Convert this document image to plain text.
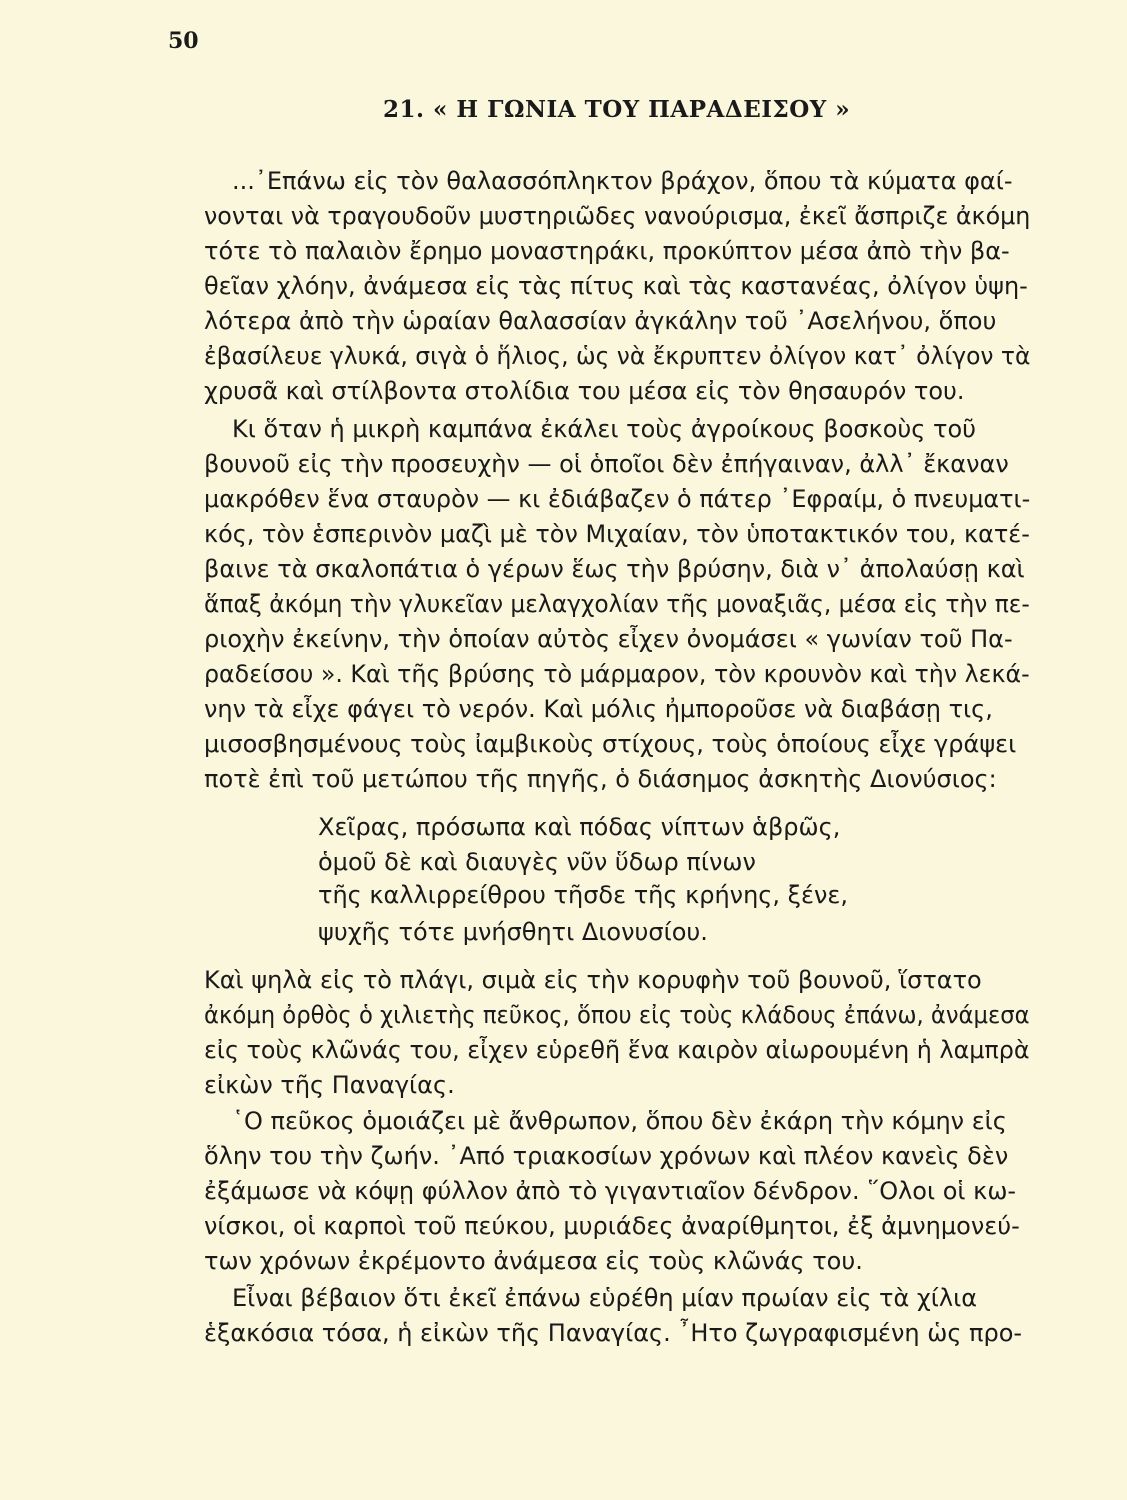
50
21. « Η ΓΩΝΙΑ ΤΟΥ ΠΑΡΑΔΕΙΣΟΥ »
...᾿Επάνω εἰς τὸν θαλασσόπληκτον βράχον, ὅπου τὰ κύματα φαί-
νονται νὰ τραγουδοῦν μυστηριῶδες νανούρισμα, ἐκεῖ ἄσπριζε ἀκόμη
τότε τὸ παλαιὸν ἔρημο μοναστηράκι, προκύπτον μέσα ἀπὸ τὴν βα-
θεῖαν χλόην, ἀνάμεσα εἰς τὰς πίτυς καὶ τὰς καστανέας, ὀλίγον ὑψη-
λότερα ἀπὸ τὴν ὡραίαν θαλασσίαν ἀγκάλην τοῦ ᾿Ασελήνου, ὅπου
ἐβασίλευε γλυκά, σιγὰ ὁ ἥλιος, ὡς νὰ ἔκρυπτεν ὀλίγον κατ᾿ ὀλίγον τὰ
χρυσᾶ καὶ στίλβοντα στολίδια του μέσα εἰς τὸν θησαυρόν του.
Κι ὅταν ἡ μικρὴ καμπάνα ἐκάλει τοὺς ἀγροίκους βοσκοὺς τοῦ
βουνοῦ εἰς τὴν προσευχὴν — οἱ ὁποῖοι δὲν ἐπήγαιναν, ἀλλ᾿ ἔκαναν
μακρόθεν ἕνα σταυρὸν — κι ἐδιάβαζεν ὁ πάτερ ᾿Εφραίμ, ὁ πνευματι-
κός, τὸν ἑσπερινὸν μαζὶ μὲ τὸν Μιχαίαν, τὸν ὑποτακτικόν του, κατέ-
βαινε τὰ σκαλοπάτια ὁ γέρων ἕως τὴν βρύσην, διὰ ν᾿ ἀπολαύσῃ καὶ
ἅπαξ ἀκόμη τὴν γλυκεῖαν μελαγχολίαν τῆς μοναξιᾶς, μέσα εἰς τὴν πε-
ριοχὴν ἐκείνην, τὴν ὁποίαν αὐτὸς εἶχεν ὀνομάσει « γωνίαν τοῦ Πα-
ραδείσου ». Καὶ τῆς βρύσης τὸ μάρμαρον, τὸν κρουνὸν καὶ τὴν λεκά-
νην τὰ εἶχε φάγει τὸ νερόν. Καὶ μόλις ἠμποροῦσε νὰ διαβάσῃ τις,
μισοσβησμένους τοὺς ἰαμβικοὺς στίχους, τοὺς ὁποίους εἶχε γράψει
ποτὲ ἐπὶ τοῦ μετώπου τῆς πηγῆς, ὁ διάσημος ἀσκητὴς Διονύσιος:
Χεῖρας, πρόσωπα καὶ πόδας νίπτων ἁβρῶς,
ὁμοῦ δὲ καὶ διαυγὲς νῦν ὕδωρ πίνων
τῆς καλλιρρείθρου τῆσδε τῆς κρήνης, ξένε,
ψυχῆς τότε μνήσθητι Διονυσίου.
Καὶ ψηλὰ εἰς τὸ πλάγι, σιμὰ εἰς τὴν κορυφὴν τοῦ βουνοῦ, ἵστατο
ἀκόμη ὀρθὸς ὁ χιλιετὴς πεῦκος, ὅπου εἰς τοὺς κλάδους ἐπάνω, ἀνάμεσα
εἰς τοὺς κλῶνάς του, εἶχεν εὑρεθῆ ἕνα καιρὸν αἰωρουμένη ἡ λαμπρὰ
εἰκὼν τῆς Παναγίας.
῾Ο πεῦκος ὁμοιάζει μὲ ἄνθρωπον, ὅπου δὲν ἐκάρη τὴν κόμην εἰς
ὅλην του τὴν ζωήν. ᾿Από τριακοσίων χρόνων καὶ πλέον κανεὶς δὲν
ἐξάμωσε νὰ κόψῃ φύλλον ἀπὸ τὸ γιγαντιαῖον δένδρον. ῞Ολοι οἱ κω-
νίσκοι, οἱ καρποὶ τοῦ πεύκου, μυριάδες ἀναρίθμητοι, ἐξ ἀμνημονεύ-
των χρόνων ἐκρέμοντο ἀνάμεσα εἰς τοὺς κλῶνάς του.
Εἶναι βέβαιον ὅτι ἐκεῖ ἐπάνω εὑρέθη μίαν πρωίαν εἰς τὰ χίλια
ἑξακόσια τόσα, ἡ εἰκὼν τῆς Παναγίας. ῏Ητο ζωγραφισμένη ὡς προ-
